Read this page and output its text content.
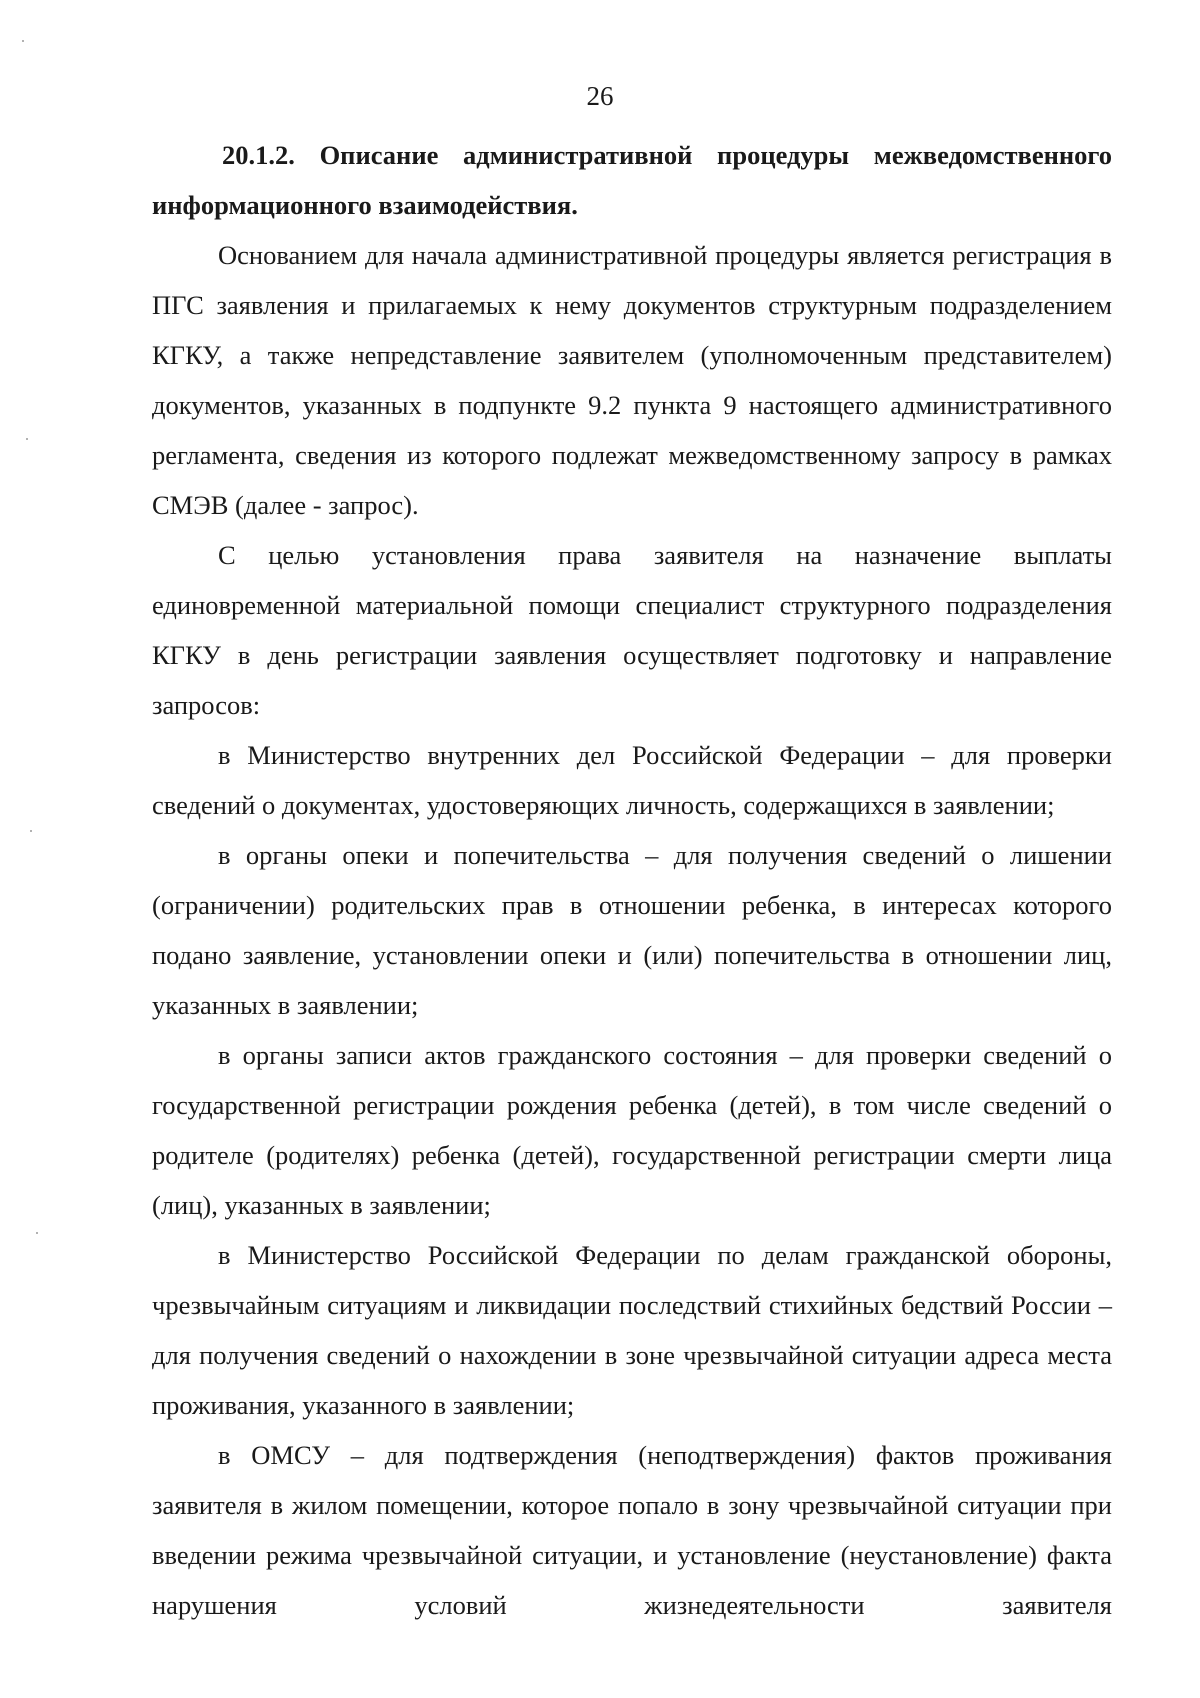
26

20.1.2. Описание административной процедуры межведомственного информационного взаимодействия.

Основанием для начала административной процедуры является регистрация в ПГС заявления и прилагаемых к нему документов структурным подразделением КГКУ, а также непредставление заявителем (уполномоченным представителем) документов, указанных в подпункте 9.2 пункта 9 настоящего административного регламента, сведения из которого подлежат межведомственному запросу в рамках СМЭВ (далее - запрос).

С целью установления права заявителя на назначение выплаты единовременной материальной помощи специалист структурного подразделения КГКУ в день регистрации заявления осуществляет подготовку и направление запросов:

в Министерство внутренних дел Российской Федерации – для проверки сведений о документах, удостоверяющих личность, содержащихся в заявлении;

в органы опеки и попечительства – для получения сведений о лишении (ограничении) родительских прав в отношении ребенка, в интересах которого подано заявление, установлении опеки и (или) попечительства в отношении лиц, указанных в заявлении;

в органы записи актов гражданского состояния – для проверки сведений о государственной регистрации рождения ребенка (детей), в том числе сведений о родителе (родителях) ребенка (детей), государственной регистрации смерти лица (лиц), указанных в заявлении;

в Министерство Российской Федерации по делам гражданской обороны, чрезвычайным ситуациям и ликвидации последствий стихийных бедствий России – для получения сведений о нахождении в зоне чрезвычайной ситуации адреса места проживания, указанного в заявлении;

в ОМСУ – для подтверждения (неподтверждения) фактов проживания заявителя в жилом помещении, которое попало в зону чрезвычайной ситуации при введении режима чрезвычайной ситуации, и установление (неустановление) факта нарушения условий жизнедеятельности заявителя
